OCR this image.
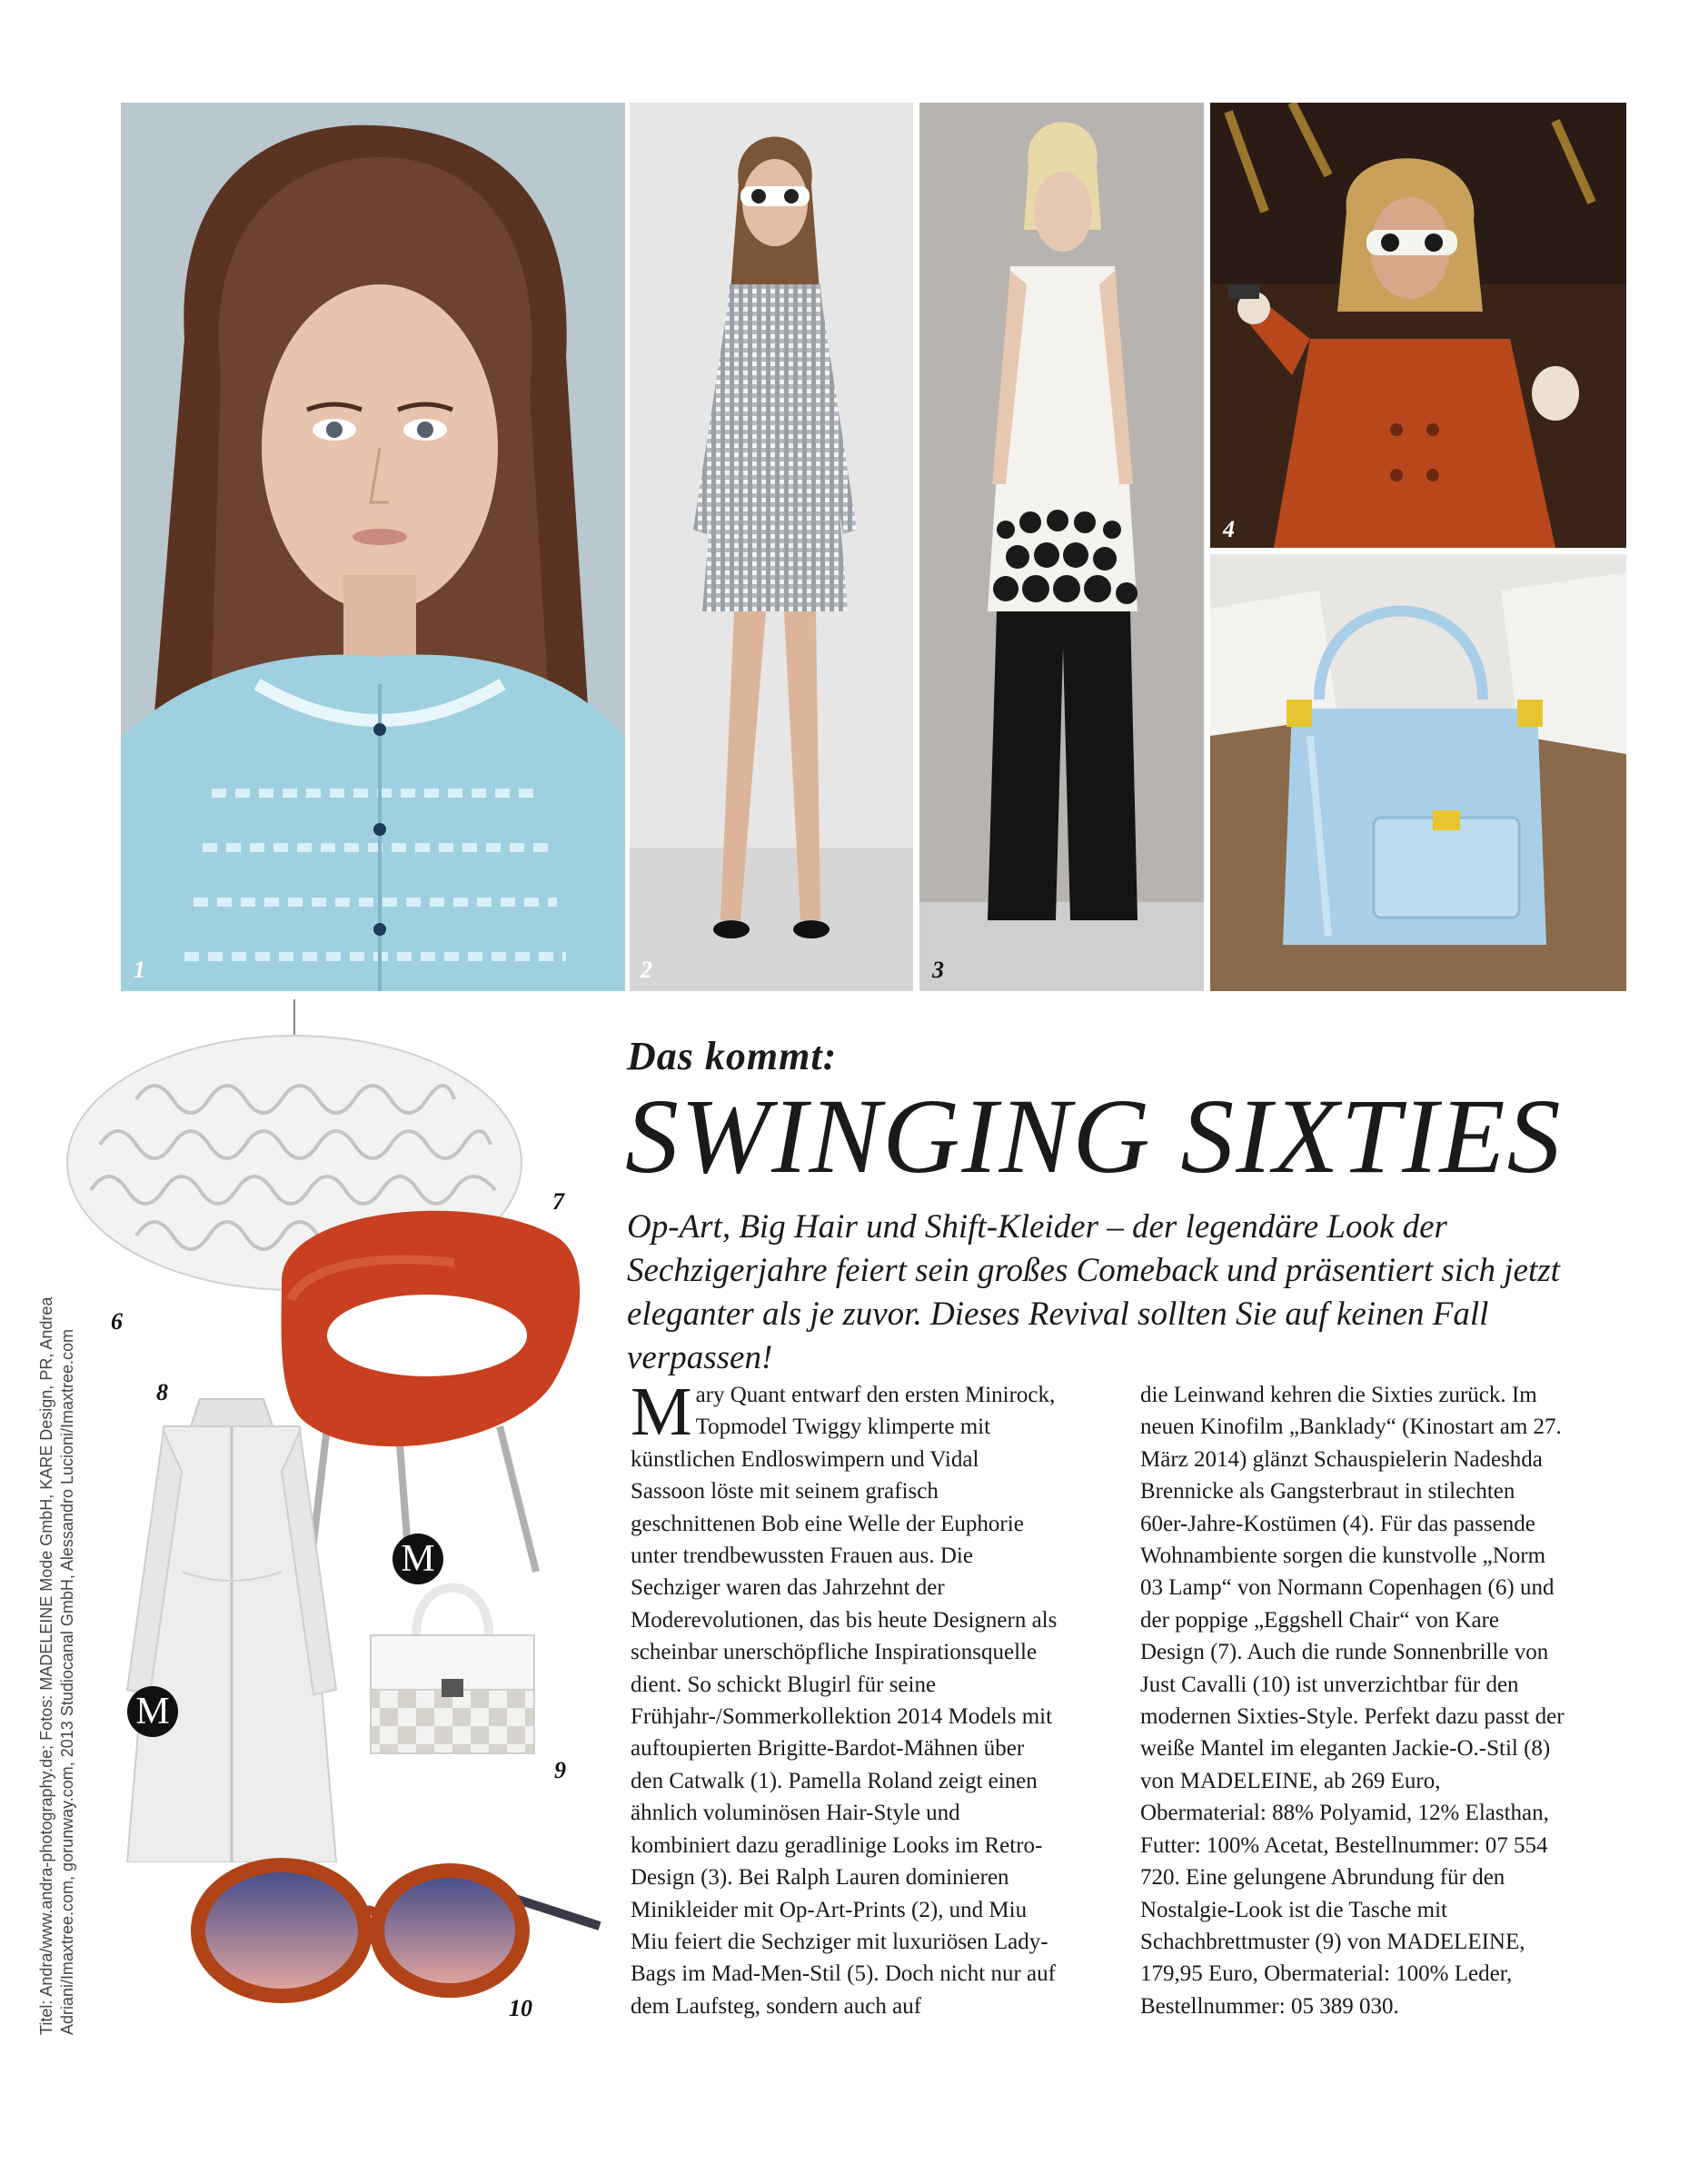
1	2	3
4
6
7
8
M
9
M
10
Titel: Andra/www.andra-photography.de; Fotos: MADELEINE Mode GmbH, KARE Design, PR, Andrea Adriani/Imaxtree.com, gorunway.com, 2013 Studiocanal GmbH, Alessandro Lucioni/Imaxtree.com
Das kommt:
SWINGING SIXTIES
Op-Art, Big Hair und Shift-Kleider – der legendäre Look der Sechzigerjahre feiert sein großes Comeback und präsentiert sich jetzt eleganter als je zuvor. Dieses Revival sollten Sie auf keinen Fall verpassen!
Mary Quant entwarf den ersten Minirock, Topmodel Twiggy klimperte mit künstlichen Endloswimpern und Vidal Sassoon löste mit seinem grafisch geschnittenen Bob eine Welle der Euphorie unter trendbewussten Frauen aus. Die Sechziger waren das Jahrzehnt der Moderevolutionen, das bis heute Designern als scheinbar unerschöpfliche Inspirationsquelle dient. So schickt Blugirl für seine Frühjahr-/Sommerkollektion 2014 Models mit auftoupierten Brigitte-Bardot-Mähnen über den Catwalk (1). Pamella Roland zeigt einen ähnlich voluminösen Hair-Style und kombiniert dazu geradlinige Looks im Retro-Design (3). Bei Ralph Lauren dominieren Minikleider mit Op-Art-Prints (2), und Miu Miu feiert die Sechziger mit luxuriösen Lady-Bags im Mad-Men-Stil (5). Doch nicht nur auf dem Laufsteg, sondern auch auf
die Leinwand kehren die Sixties zurück. Im neuen Kinofilm „Banklady“ (Kinostart am 27. März 2014) glänzt Schauspielerin Nadeshda Brennicke als Gangsterbraut in stilechten 60er-Jahre-Kostümen (4). Für das passende Wohnambiente sorgen die kunstvolle „Norm 03 Lamp“ von Normann Copenhagen (6) und der poppige „Eggshell Chair“ von Kare Design (7). Auch die runde Sonnenbrille von Just Cavalli (10) ist unverzichtbar für den modernen Sixties-Style. Perfekt dazu passt der weiße Mantel im eleganten Jackie-O.-Stil (8) von MADELEINE, ab 269 Euro, Obermaterial: 88% Polyamid, 12% Elasthan, Futter: 100% Acetat, Bestellnummer: 07 554 720. Eine gelungene Abrundung für den Nostalgie-Look ist die Tasche mit Schachbrettmuster (9) von MADELEINE, 179,95 Euro, Obermaterial: 100% Leder, Bestellnummer: 05 389 030.
